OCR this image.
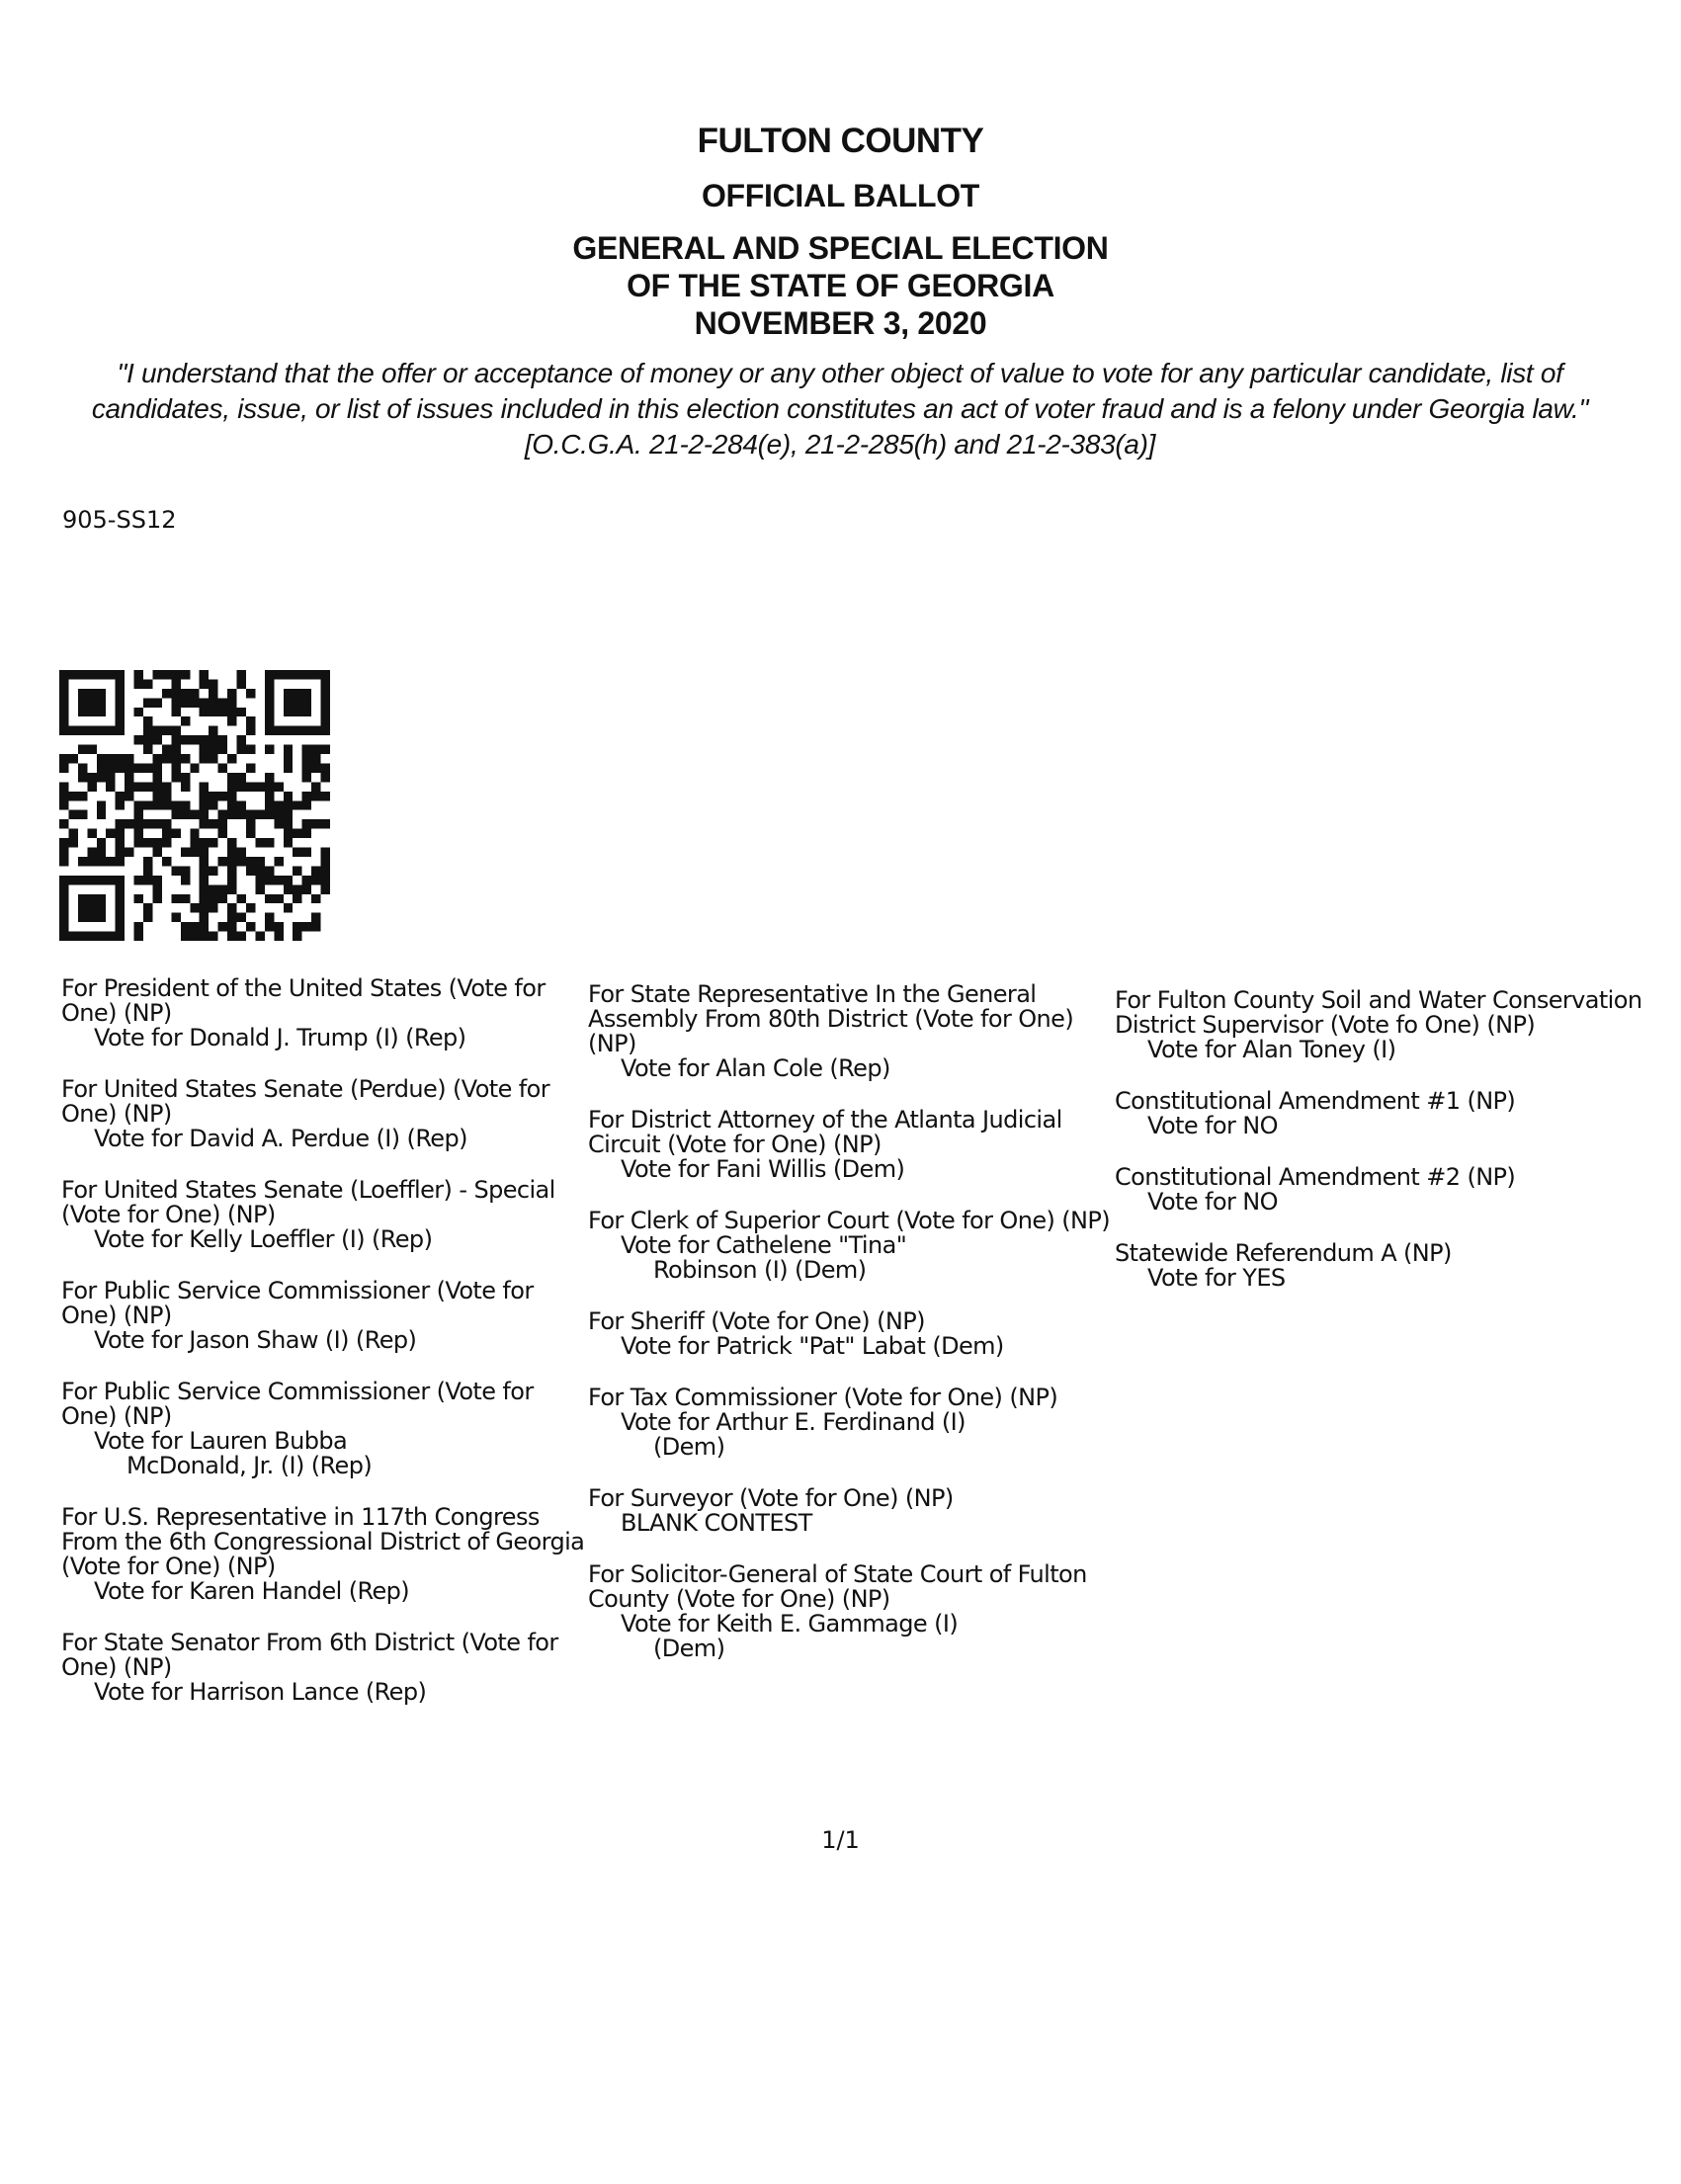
FULTON COUNTY
OFFICIAL BALLOT
GENERAL AND SPECIAL ELECTION
OF THE STATE OF GEORGIA
NOVEMBER 3, 2020
"I understand that the offer or acceptance of money or any other object of value to vote for any particular candidate, list of candidates, issue, or list of issues included in this election constitutes an act of voter fraud and is a felony under Georgia law." [O.C.G.A. 21-2-284(e), 21-2-285(h) and 21-2-383(a)]
905-SS12
For President of the United States (Vote for One) (NP)
Vote for Donald J. Trump (I) (Rep)
For United States Senate (Perdue) (Vote for One) (NP)
Vote for David A. Perdue (I) (Rep)
For United States Senate (Loeffler) - Special (Vote for One) (NP)
Vote for Kelly Loeffler (I) (Rep)
For Public Service Commissioner (Vote for One) (NP)
Vote for Jason Shaw (I) (Rep)
For Public Service Commissioner (Vote for One) (NP)
Vote for Lauren Bubba
McDonald, Jr. (I) (Rep)
For U.S. Representative in 117th Congress From the 6th Congressional District of Georgia (Vote for One) (NP)
Vote for Karen Handel (Rep)
For State Senator From 6th District (Vote for One) (NP)
Vote for Harrison Lance (Rep)
For State Representative In the General Assembly From 80th District (Vote for One) (NP)
Vote for Alan Cole (Rep)
For District Attorney of the Atlanta Judicial Circuit (Vote for One) (NP)
Vote for Fani Willis (Dem)
For Clerk of Superior Court (Vote for One) (NP)
Vote for Cathelene "Tina"
Robinson (I) (Dem)
For Sheriff (Vote for One) (NP)
Vote for Patrick "Pat" Labat (Dem)
For Tax Commissioner (Vote for One) (NP)
Vote for Arthur E. Ferdinand (I)
(Dem)
For Surveyor (Vote for One) (NP)
BLANK CONTEST
For Solicitor-General of State Court of Fulton County (Vote for One) (NP)
Vote for Keith E. Gammage (I)
(Dem)
For Fulton County Soil and Water Conservation District Supervisor (Vote fo One) (NP)
Vote for Alan Toney (I)
Constitutional Amendment #1 (NP)
Vote for NO
Constitutional Amendment #2 (NP)
Vote for NO
Statewide Referendum A (NP)
Vote for YES
1/1
